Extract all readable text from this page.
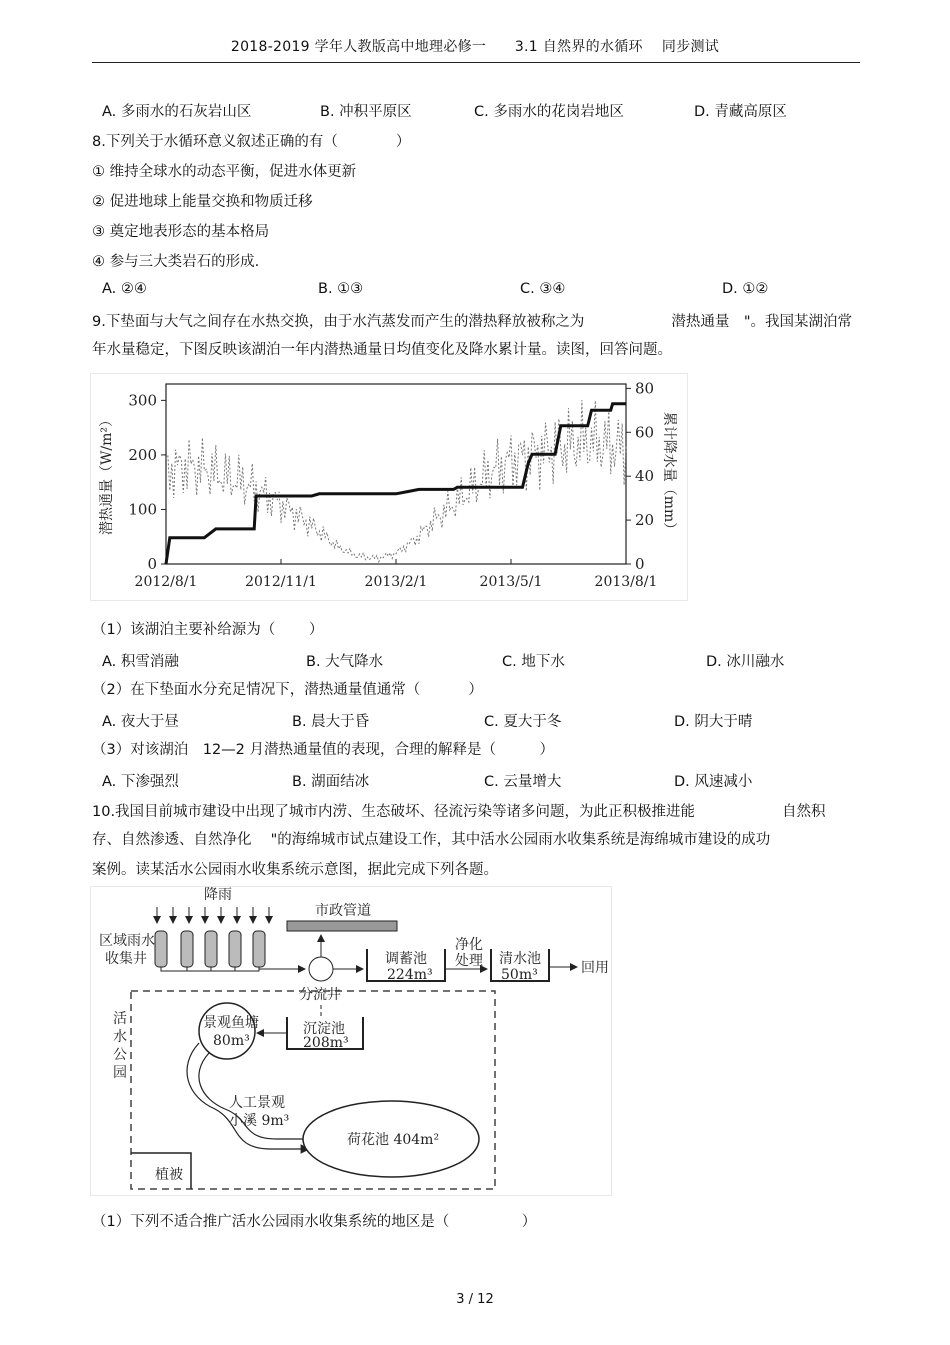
2018-2019 学年人教版高中地理必修一　　3.1 自然界的水循环　 同步测试
A. 多雨水的石灰岩山区	B. 冲积平原区	C. 多雨水的花岗岩地区	D. 青藏高原区
8.下列关于水循环意义叙述正确的有（　　　　）
① 维持全球水的动态平衡，促进水体更新
② 促进地球上能量交换和物质迁移
③ 奠定地表形态的基本格局
④ 参与三大类岩石的形成.
A. ②④	B. ①③	C. ③④	D. ①②
9.下垫面与大气之间存在水热交换，由于水汽蒸发而产生的潜热释放被称之为　　　　　　潜热通量　"。我国某湖泊常
年水量稳定，下图反映该湖泊一年内潜热通量日均值变化及降水累计量。读图，回答问题。
0
100
200
300
0
20
40
60
80
2012/8/1	2012/11/1	2013/2/1	2013/5/1	2013/8/1
潜热通量（W/m²）	累计降水量（mm）
（1）该湖泊主要补给源为（　　 ）
A. 积雪消融	B. 大气降水	C. 地下水	D. 冰川融水
（2）在下垫面水分充足情况下，潜热通量值通常（　　　 ）
A. 夜大于昼	B. 晨大于昏	C. 夏大于冬	D. 阴大于晴
（3）对该湖泊　12—2 月潜热通量值的表现，合理的解释是（　　　）
A. 下渗强烈	B. 湖面结冰	C. 云量增大	D. 风速减小
10.我国目前城市建设中出现了城市内涝、生态破坏、径流污染等诸多问题，为此正积极推进能　　　　　　自然积
存、自然渗透、自然净化　 "的海绵城市试点建设工作，其中活水公园雨水收集系统是海绵城市建设的成功
案例。读某活水公园雨水收集系统示意图，据此完成下列各题。
降雨
区域雨水
收集井
市政管道
分流井
调蓄池
224m³
净化
处理 清水池
50m³	回用
活
水
公
园
沉淀池
208m³
景观鱼塘
80m³
人工景观
小溪 9m³
荷花池 404m²
植被
（1）下列不适合推广活水公园雨水收集系统的地区是（　　　　　）
3 / 12
